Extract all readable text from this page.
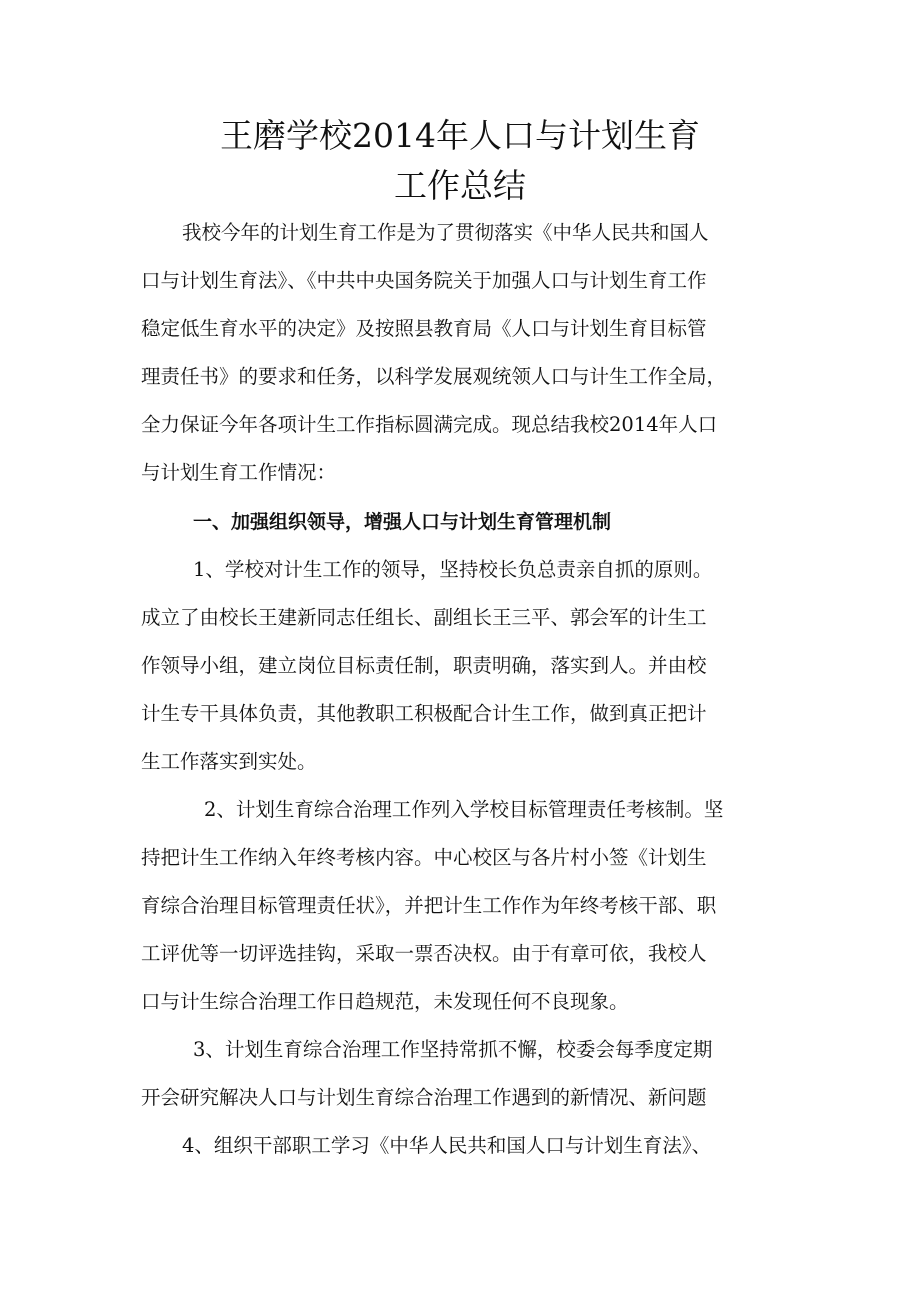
王磨学校2014年人口与计划生育
工作总结
我校今年的计划生育工作是为了贯彻落实《中华人民共和国人
口与计划生育法》、《中共中央国务院关于加强人口与计划生育工作
稳定低生育水平的决定》及按照县教育局《人口与计划生育目标管
理责任书》的要求和任务，以科学发展观统领人口与计生工作全局，
全力保证今年各项计生工作指标圆满完成。现总结我校2014年人口
与计划生育工作情况：
一、加强组织领导，增强人口与计划生育管理机制
1、学校对计生工作的领导，坚持校长负总责亲自抓的原则。
成立了由校长王建新同志任组长、副组长王三平、郭会军的计生工
作领导小组，建立岗位目标责任制，职责明确，落实到人。并由校
计生专干具体负责，其他教职工积极配合计生工作，做到真正把计
生工作落实到实处。
2、计划生育综合治理工作列入学校目标管理责任考核制。坚
持把计生工作纳入年终考核内容。中心校区与各片村小签《计划生
育综合治理目标管理责任状》，并把计生工作作为年终考核干部、职
工评优等一切评选挂钩，采取一票否决权。由于有章可依，我校人
口与计生综合治理工作日趋规范，未发现任何不良现象。
3、计划生育综合治理工作坚持常抓不懈，校委会每季度定期
开会研究解决人口与计划生育综合治理工作遇到的新情况、新问题
4、组织干部职工学习《中华人民共和国人口与计划生育法》、
